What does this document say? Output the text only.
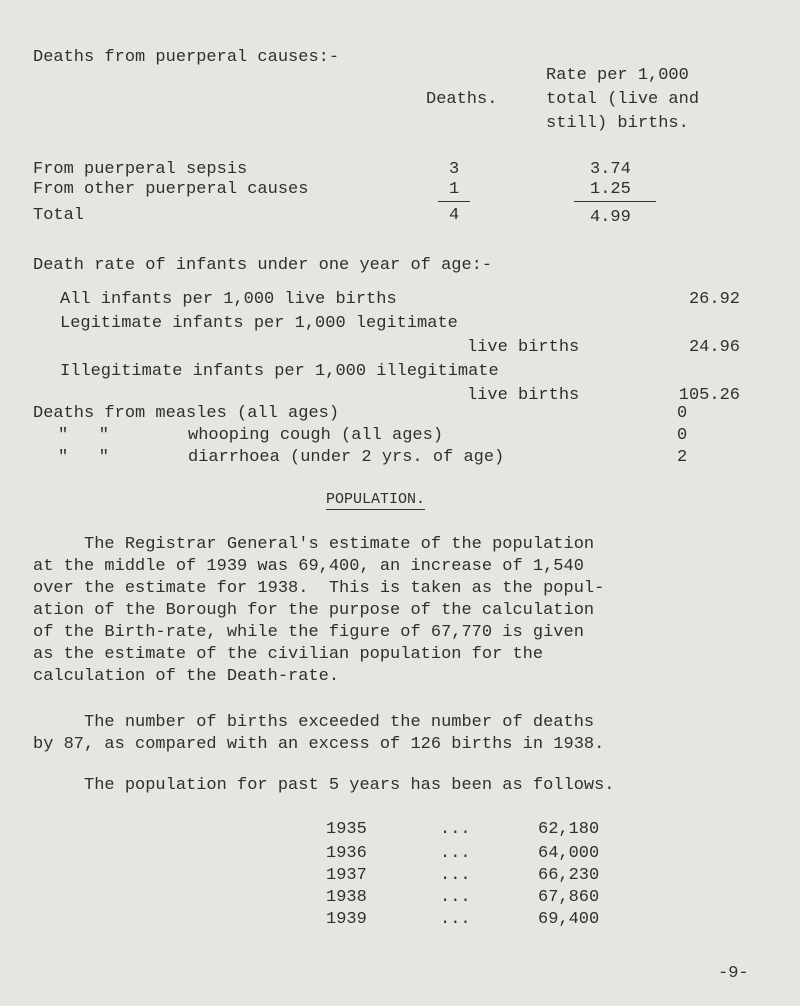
Deaths from puerperal causes:-
Deaths.
Rate per 1,000
total (live and
still) births.
From puerperal sepsis	3	3.74
From other puerperal causes	1	1.25
Total	4	4.99
Death rate of infants under one year of age:-
All infants per 1,000 live births	26.92
Legitimate infants per 1,000 legitimate
live births	24.96
Illegitimate infants per 1,000 illegitimate
live births	105.26
Deaths from measles (all ages)	0
"   "	whooping cough (all ages)	0
"   "	diarrhoea (under 2 yrs. of age)	2
POPULATION.
The Registrar General's estimate of the population
at the middle of 1939 was 69,400, an increase of 1,540
over the estimate for 1938.  This is taken as the popul-
ation of the Borough for the purpose of the calculation
of the Birth-rate, while the figure of 67,770 is given
as the estimate of the civilian population for the
calculation of the Death-rate.
The number of births exceeded the number of deaths
by 87, as compared with an excess of 126 births in 1938.
The population for past 5 years has been as follows.
1935	...	62,180
1936	...	64,000
1937	...	66,230
1938	...	67,860
1939	...	69,400
-9-
